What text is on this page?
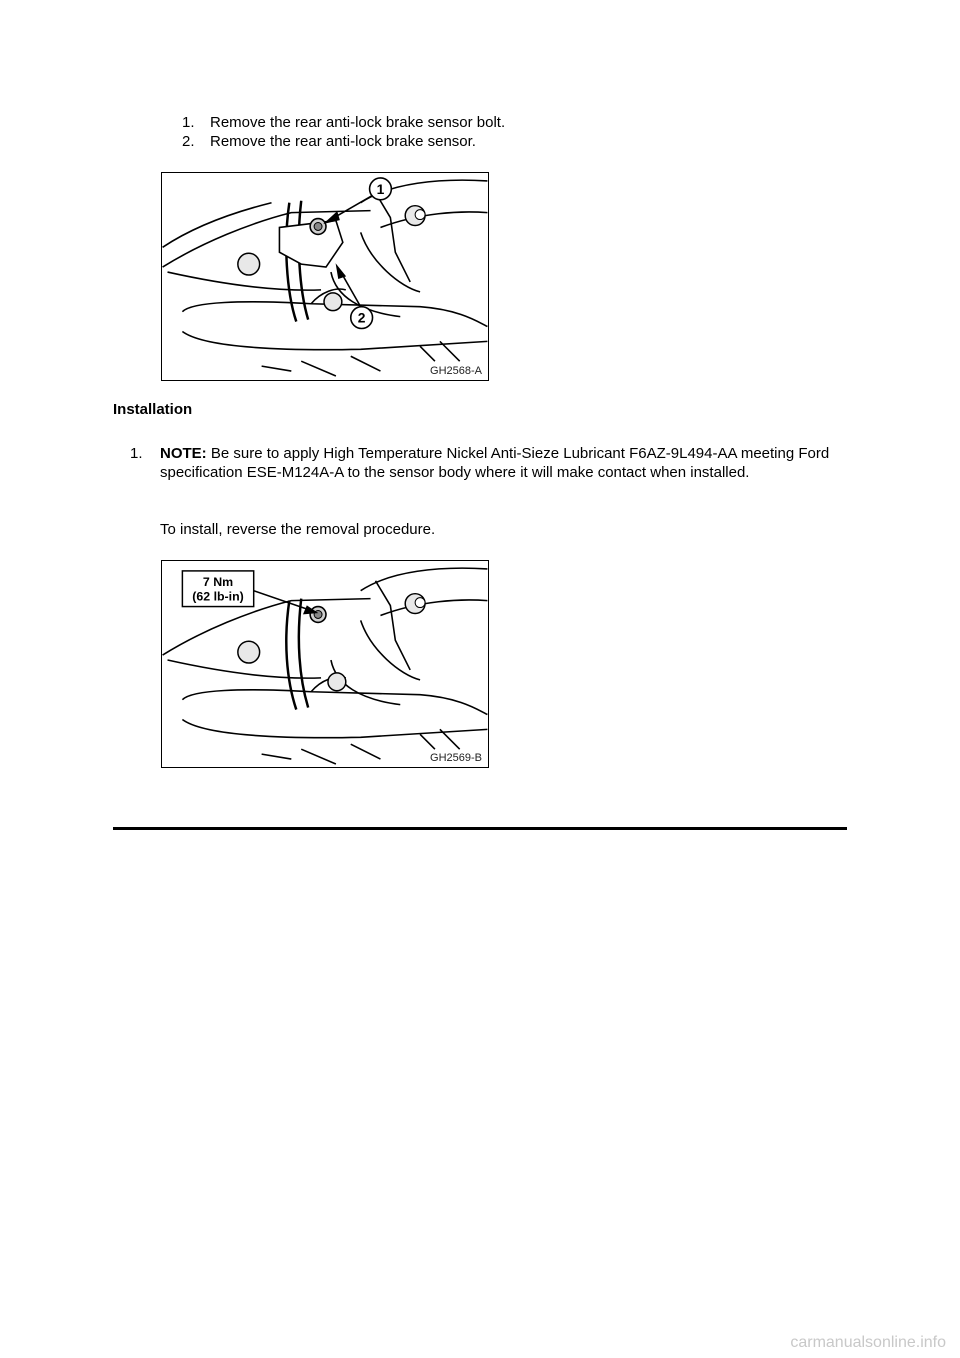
1.	Remove the rear anti-lock brake sensor bolt.
2.	Remove the rear anti-lock brake sensor.
1
2
GH2568-A
Installation
1. NOTE: Be sure to apply High Temperature Nickel Anti-Sieze Lubricant F6AZ-9L494-AA meeting Ford specification ESE-M124A-A to the sensor body where it will make contact when installed.
To install, reverse the removal procedure.
7 Nm
(62 lb-in)
GH2569-B
carmanualsonline.info
